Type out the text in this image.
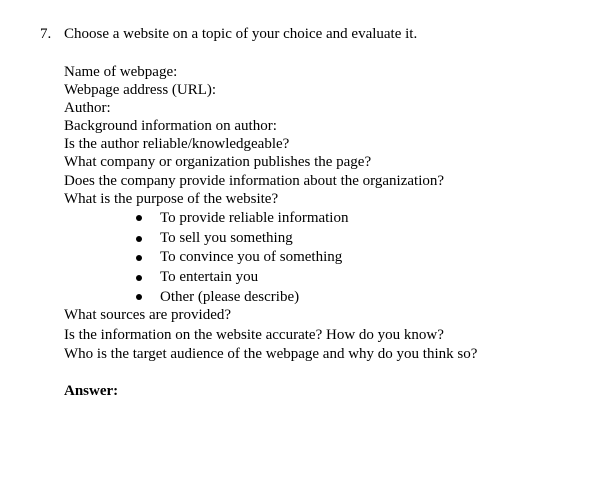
7. Choose a website on a topic of your choice and evaluate it.
Name of webpage:
Webpage address (URL):
Author:
Background information on author:
Is the author reliable/knowledgeable?
What company or organization publishes the page?
Does the company provide information about the organization?
What is the purpose of the website?
To provide reliable information
To sell you something
To convince you of something
To entertain you
Other (please describe)
What sources are provided?
Is the information on the website accurate? How do you know?
Who is the target audience of the webpage and why do you think so?
Answer:
